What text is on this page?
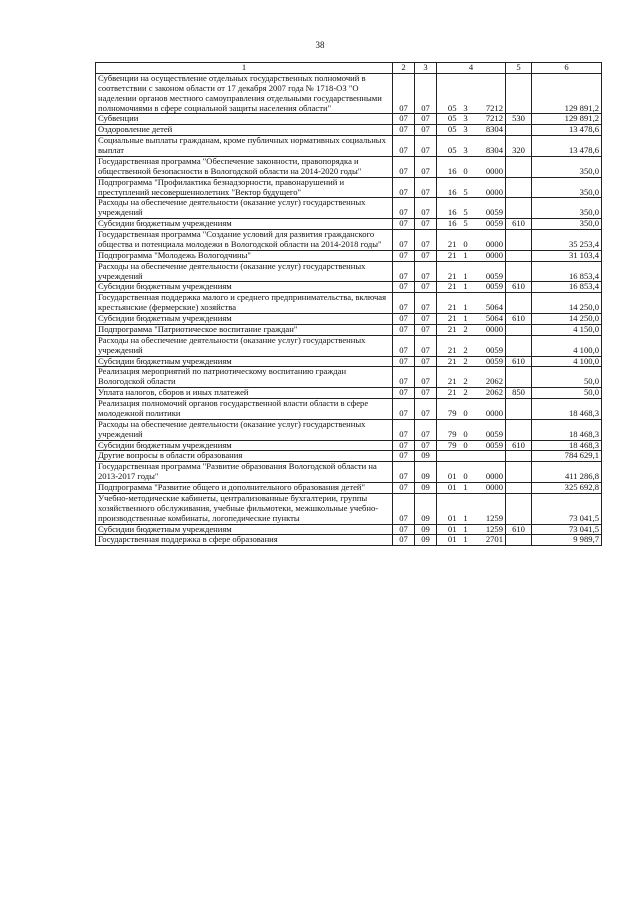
38
1	2	3	4			5	6
Субвенции на осуществление отдельных государственных полномочий в соответствии с законом области от 17 декабря 2007 года № 1718-ОЗ "О наделении органов местного самоуправления отдельными государственными полномочиями в сфере социальной защиты населения области"	07	07	05	3	7212		129 891,2
Субвенции	07	07	05	3	7212	530	129 891,2
Оздоровление детей	07	07	05	3	8304		13 478,6
Социальные выплаты гражданам, кроме публичных нормативных социальных выплат	07	07	05	3	8304	320	13 478,6
Государственная программа "Обеспечение законности, правопорядка и общественной безопасности в Вологодской области на 2014-2020 годы"	07	07	16	0	0000		350,0
Подпрограмма "Профилактика безнадзорности, правонарушений и преступлений несовершеннолетних "Вектор будущего"	07	07	16	5	0000		350,0
Расходы на обеспечение деятельности (оказание услуг) государственных учреждений	07	07	16	5	0059		350,0
Субсидии бюджетным учреждениям	07	07	16	5	0059	610	350,0
Государственная программа "Создание условий для развития гражданского общества и потенциала молодежи в Вологодской области на 2014-2018 годы"	07	07	21	0	0000		35 253,4
Подпрограмма "Молодежь Вологодчины"	07	07	21	1	0000		31 103,4
Расходы на обеспечение деятельности (оказание услуг) государственных учреждений	07	07	21	1	0059		16 853,4
Субсидии бюджетным учреждениям	07	07	21	1	0059	610	16 853,4
Государственная поддержка малого и среднего предпринимательства, включая крестьянские (фермерские) хозяйства	07	07	21	1	5064		14 250,0
Субсидии бюджетным учреждениям	07	07	21	1	5064	610	14 250,0
Подпрограмма "Патриотическое воспитание граждан"	07	07	21	2	0000		4 150,0
Расходы на обеспечение деятельности (оказание услуг) государственных учреждений	07	07	21	2	0059		4 100,0
Субсидии бюджетным учреждениям	07	07	21	2	0059	610	4 100,0
Реализация мероприятий по патриотическому воспитанию граждан Вологодской области	07	07	21	2	2062		50,0
Уплата налогов, сборов и иных платежей	07	07	21	2	2062	850	50,0
Реализация полномочий органов государственной власти области в сфере молодежной политики	07	07	79	0	0000		18 468,3
Расходы на обеспечение деятельности (оказание услуг) государственных учреждений	07	07	79	0	0059		18 468,3
Субсидии бюджетным учреждениям	07	07	79	0	0059	610	18 468,3
Другие вопросы в области образования	07	09					784 629,1
Государственная программа "Развитие образования Вологодской области на 2013-2017 годы"	07	09	01	0	0000		411 286,8
Подпрограмма "Развитие общего и дополнительного образования детей"	07	09	01	1	0000		325 692,8
Учебно-методические кабинеты, централизованные бухгалтерии, группы хозяйственного обслуживания, учебные фильмотеки, межшкольные учебно-производственные комбинаты, логопедические пункты	07	09	01	1	1259		73 041,5
Субсидии бюджетным учреждениям	07	09	01	1	1259	610	73 041,5
Государственная поддержка в сфере образования	07	09	01	1	2701		9 989,7
